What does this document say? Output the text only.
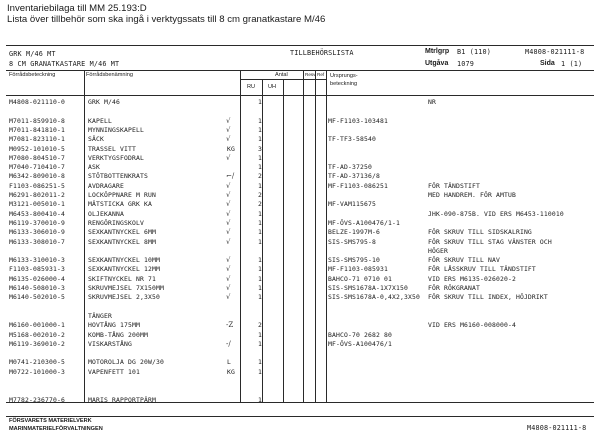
Inventariebilaga till MM 25.193:D
Lista över tillbehör som ska ingå i verktygssats till 8 cm granatkastare M/46
GRK M/46 MT
8 CM GRANATKASTARE M/46 MT
TILLBEHÖRSLISTA	Mtrlgrp B1 (110)	M4808-021111-8
Utgåva 1079	Sida 1 (1)
Förrådsbeteckning	Förrådsbenämning	Antal
RU UH
Resv Ref Ursprungs-
beteckning
M4808-021110-0	GRK M/46	1	NR
M7011-859910-8	KAPELL	√	1	MF-F1103-103481
M7011-841810-1	MYNNINGSKAPELL	√	1
M7081-823110-1	SÄCK	√	1	TF-TF3-58540
M0952-101010-5	TRASSEL VITT	KG	3
M7080-804510-7	VERKTYGSFODRAL	√	1
M7040-710410-7	ASK	1	TF-AD-37250
M6342-809010-8	STÖTBOTTENKRATS	⌐/	2	TF-AD-37136/8
F1103-086251-5	AVDRAGARE	√	1	MF-F1103-086251	FÖR TÄNDSTIFT
M6291-802011-2	LOCKÖPPNARE M RUN	√	2	MED HANDREM. FÖR AMTUB
M3121-005010-1	MÄTSTICKA GRK KA	√	2	MF-VAM115675
M6453-800410-4	OLJEKANNA	√	1	JHK-090-875B. VID ERS M6453-110010
M6119-370010-9	RENGÖRINGSKOLV	√	1	MF-ÖVS-A100476/1-1
M6133-306010-9	SEXKANTNYCKEL 6MM	√	1	BELZE-1997M-6	FÖR SKRUV TILL SIDSKALRING
M6133-308010-7	SEXKANTNYCKEL 8MM	√	1	SIS-SMS795-8	FÖR SKRUV TILL STAG VÄNSTER OCH
HÖGER
M6133-310010-3	SEXKANTNYCKEL 10MM	√	1	SIS-SMS795-10	FÖR SKRUV TILL NAV
F1103-085931-3	SEXKANTNYCKEL 12MM	√	1	MF-F1103-085931	FÖR LÅSSKRUV TILL TÄNDSTIFT
M6135-026000-4	SKIFTNYCKEL NR 71	√	1	BAHCO-71 0710 01	VID ERS M6135-026020-2
M6140-508010-3	SKRUVMEJSEL 7X150MM	√	1	SIS-SMS1678A-1X7X150	FÖR RÖKGRANAT
M6140-502010-5	SKRUVMEJSEL 2,3X50	√	1	SIS-SMS1678A-0,4X2,3X50 FÖR SKRUV TILL INDEX, HÖJDRIKT
TÄNGER
M6160-001000-1	HOVTÅNG 175MM	-Z	2	VID ERS M6160-008000-4
M5168-002010-2	KOMB-TÅNG 200MM	1	BAHCO-70 2682 80
M6119-369010-2	VISKARSTÅNG	-/	1	MF-ÖVS-A100476/1
M0741-210300-5	MOTOROLJA DG 20W/30	L	1
M0722-101000-3	VAPENFETT 101	KG	1
M7782-236770-6	MARIS RAPPORTPÄRM	1
FÖRSVARETS MATERIELVERK
MARINMATERIELFÖRVALTNINGEN	M4808-021111-8
